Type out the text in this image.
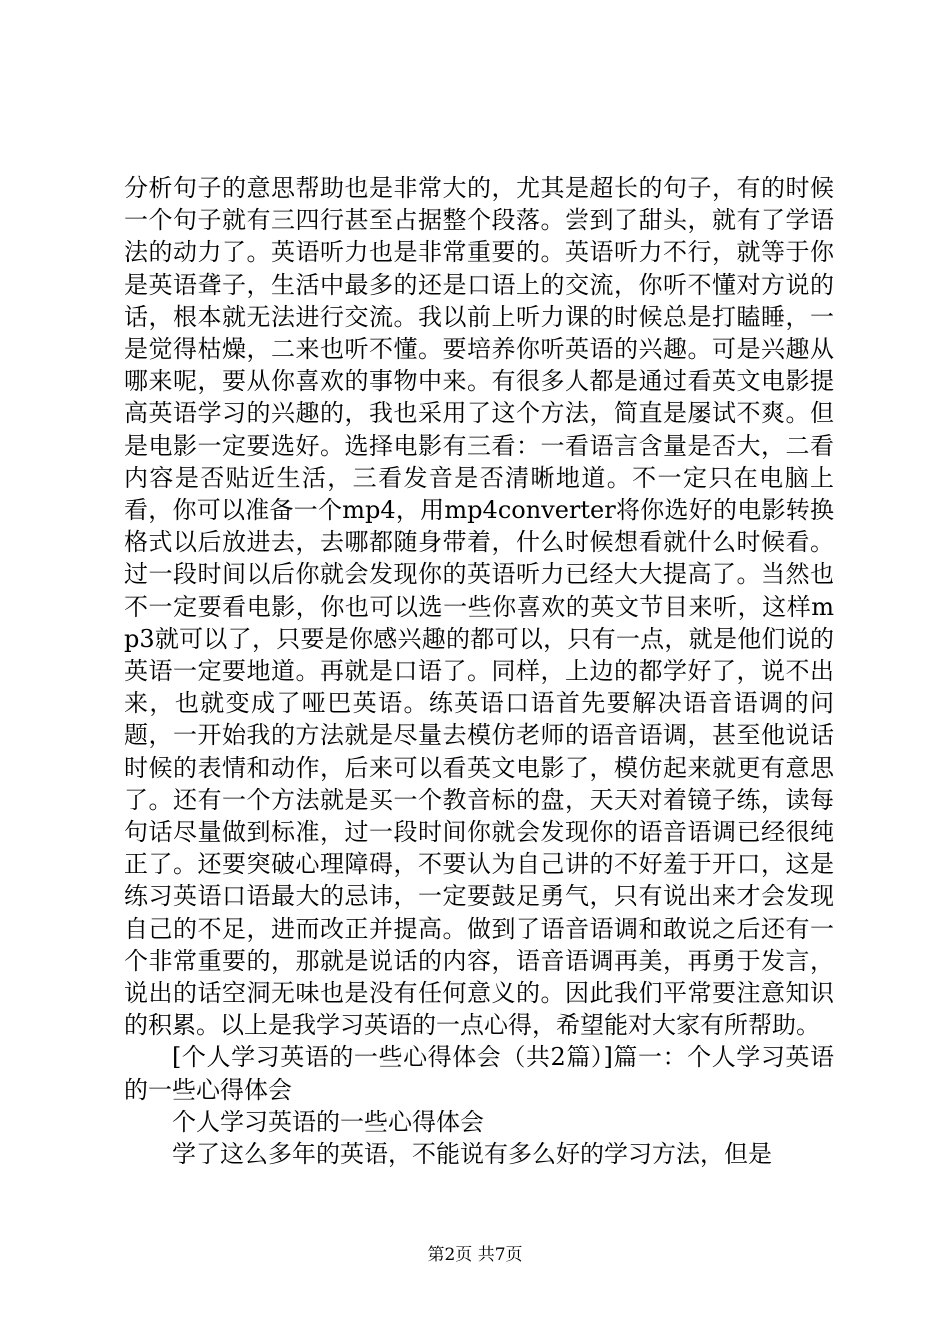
分析句子的意思帮助也是非常大的，尤其是超长的句子，有的时候一个句子就有三四行甚至占据整个段落。尝到了甜头，就有了学语法的动力了。英语听力也是非常重要的。英语听力不行，就等于你是英语聋子，生活中最多的还是口语上的交流，你听不懂对方说的话，根本就无法进行交流。我以前上听力课的时候总是打瞌睡，一是觉得枯燥，二来也听不懂。要培养你听英语的兴趣。可是兴趣从哪来呢，要从你喜欢的事物中来。有很多人都是通过看英文电影提高英语学习的兴趣的，我也采用了这个方法，简直是屡试不爽。但是电影一定要选好。选择电影有三看：一看语言含量是否大，二看内容是否贴近生活，三看发音是否清晰地道。不一定只在电脑上看，你可以准备一个mp4，用mp4converter将你选好的电影转换格式以后放进去，去哪都随身带着，什么时候想看就什么时候看。过一段时间以后你就会发现你的英语听力已经大大提高了。当然也不一定要看电影，你也可以选一些你喜欢的英文节目来听，这样mp3就可以了，只要是你感兴趣的都可以，只有一点，就是他们说的英语一定要地道。再就是口语了。同样，上边的都学好了，说不出来，也就变成了哑巴英语。练英语口语首先要解决语音语调的问题，一开始我的方法就是尽量去模仿老师的语音语调，甚至他说话时候的表情和动作，后来可以看英文电影了，模仿起来就更有意思了。还有一个方法就是买一个教音标的盘，天天对着镜子练，读每句话尽量做到标准，过一段时间你就会发现你的语音语调已经很纯正了。还要突破心理障碍，不要认为自己讲的不好羞于开口，这是练习英语口语最大的忌讳，一定要鼓足勇气，只有说出来才会发现自己的不足，进而改正并提高。做到了语音语调和敢说之后还有一个非常重要的，那就是说话的内容，语音语调再美，再勇于发言，说出的话空洞无味也是没有任何意义的。因此我们平常要注意知识的积累。以上是我学习英语的一点心得，希望能对大家有所帮助。

[个人学习英语的一些心得体会（共2篇）]篇一：个人学习英语的一些心得体会

个人学习英语的一些心得体会

学了这么多年的英语，不能说有多么好的学习方法，但是

第2页 共7页
